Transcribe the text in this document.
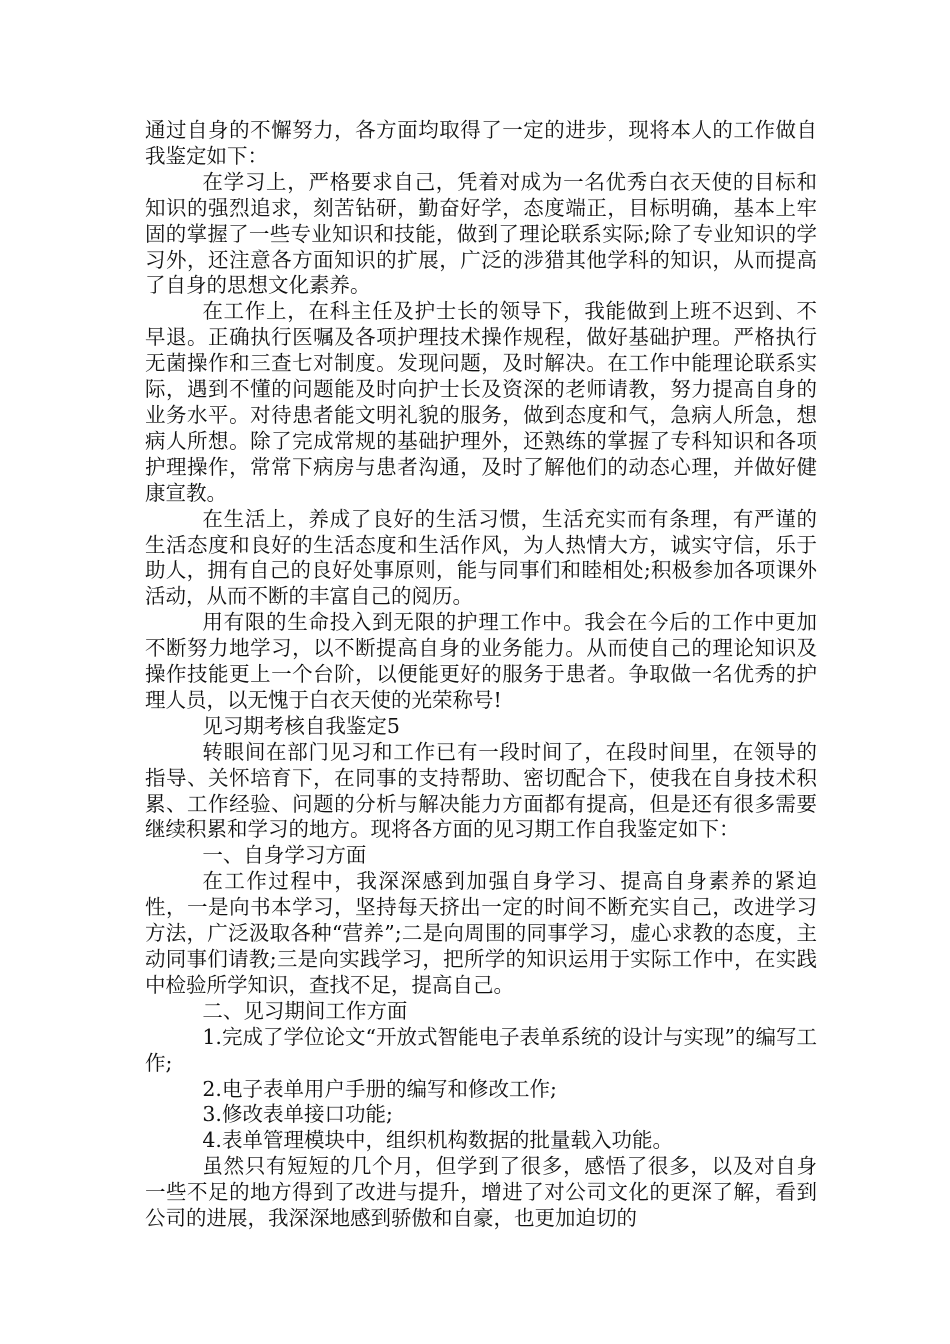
通过自身的不懈努力，各方面均取得了一定的进步，现将本人的工作做自我鉴定如下：

在学习上，严格要求自己，凭着对成为一名优秀白衣天使的目标和知识的强烈追求，刻苦钻研，勤奋好学，态度端正，目标明确，基本上牢固的掌握了一些专业知识和技能，做到了理论联系实际;除了专业知识的学习外，还注意各方面知识的扩展，广泛的涉猎其他学科的知识，从而提高了自身的思想文化素养。

在工作上，在科主任及护士长的领导下，我能做到上班不迟到、不早退。正确执行医嘱及各项护理技术操作规程，做好基础护理。严格执行无菌操作和三查七对制度。发现问题，及时解决。在工作中能理论联系实际，遇到不懂的问题能及时向护士长及资深的老师请教，努力提高自身的业务水平。对待患者能文明礼貌的服务，做到态度和气，急病人所急，想病人所想。除了完成常规的基础护理外，还熟练的掌握了专科知识和各项护理操作，常常下病房与患者沟通，及时了解他们的动态心理，并做好健康宣教。

在生活上，养成了良好的生活习惯，生活充实而有条理，有严谨的生活态度和良好的生活态度和生活作风，为人热情大方，诚实守信，乐于助人，拥有自己的良好处事原则，能与同事们和睦相处;积极参加各项课外活动，从而不断的丰富自己的阅历。

用有限的生命投入到无限的护理工作中。我会在今后的工作中更加不断努力地学习，以不断提高自身的业务能力。从而使自己的理论知识及操作技能更上一个台阶，以便能更好的服务于患者。争取做一名优秀的护理人员，以无愧于白衣天使的光荣称号!

见习期考核自我鉴定5

转眼间在部门见习和工作已有一段时间了，在段时间里，在领导的指导、关怀培育下，在同事的支持帮助、密切配合下，使我在自身技术积累、工作经验、问题的分析与解决能力方面都有提高，但是还有很多需要继续积累和学习的地方。现将各方面的见习期工作自我鉴定如下：

一、自身学习方面

在工作过程中，我深深感到加强自身学习、提高自身素养的紧迫性，一是向书本学习，坚持每天挤出一定的时间不断充实自己，改进学习方法，广泛汲取各种“营养”;二是向周围的同事学习，虚心求教的态度，主动同事们请教;三是向实践学习，把所学的知识运用于实际工作中，在实践中检验所学知识，查找不足，提高自己。

二、见习期间工作方面

1.完成了学位论文“开放式智能电子表单系统的设计与实现”的编写工作;

2.电子表单用户手册的编写和修改工作;

3.修改表单接口功能;

4.表单管理模块中，组织机构数据的批量载入功能。

虽然只有短短的几个月，但学到了很多，感悟了很多，以及对自身一些不足的地方得到了改进与提升，增进了对公司文化的更深了解，看到公司的进展，我深深地感到骄傲和自豪，也更加迫切的
